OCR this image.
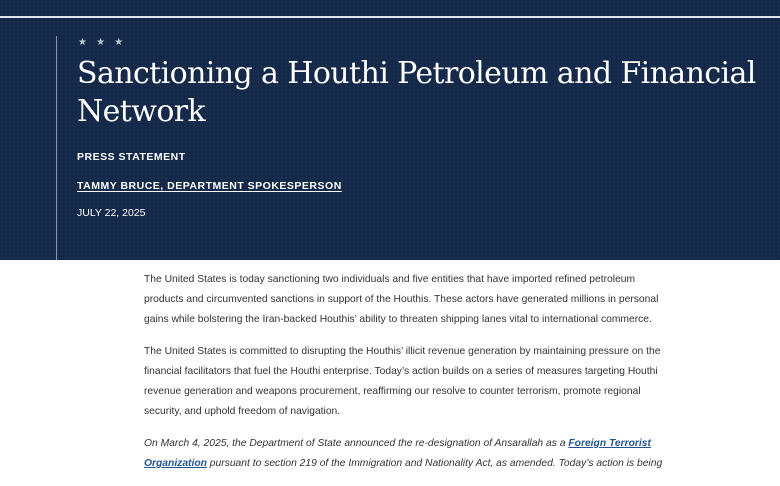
★ ★ ★
Sanctioning a Houthi Petroleum and Financial Network
PRESS STATEMENT
TAMMY BRUCE, DEPARTMENT SPOKESPERSON
JULY 22, 2025

The United States is today sanctioning two individuals and five entities that have imported refined petroleum products and circumvented sanctions in support of the Houthis. These actors have generated millions in personal gains while bolstering the Iran-backed Houthis’ ability to threaten shipping lanes vital to international commerce.

The United States is committed to disrupting the Houthis’ illicit revenue generation by maintaining pressure on the financial facilitators that fuel the Houthi enterprise. Today’s action builds on a series of measures targeting Houthi revenue generation and weapons procurement, reaffirming our resolve to counter terrorism, promote regional security, and uphold freedom of navigation.

On March 4, 2025, the Department of State announced the re-designation of Ansarallah as a Foreign Terrorist Organization pursuant to section 219 of the Immigration and Nationality Act, as amended. Today’s action is being
